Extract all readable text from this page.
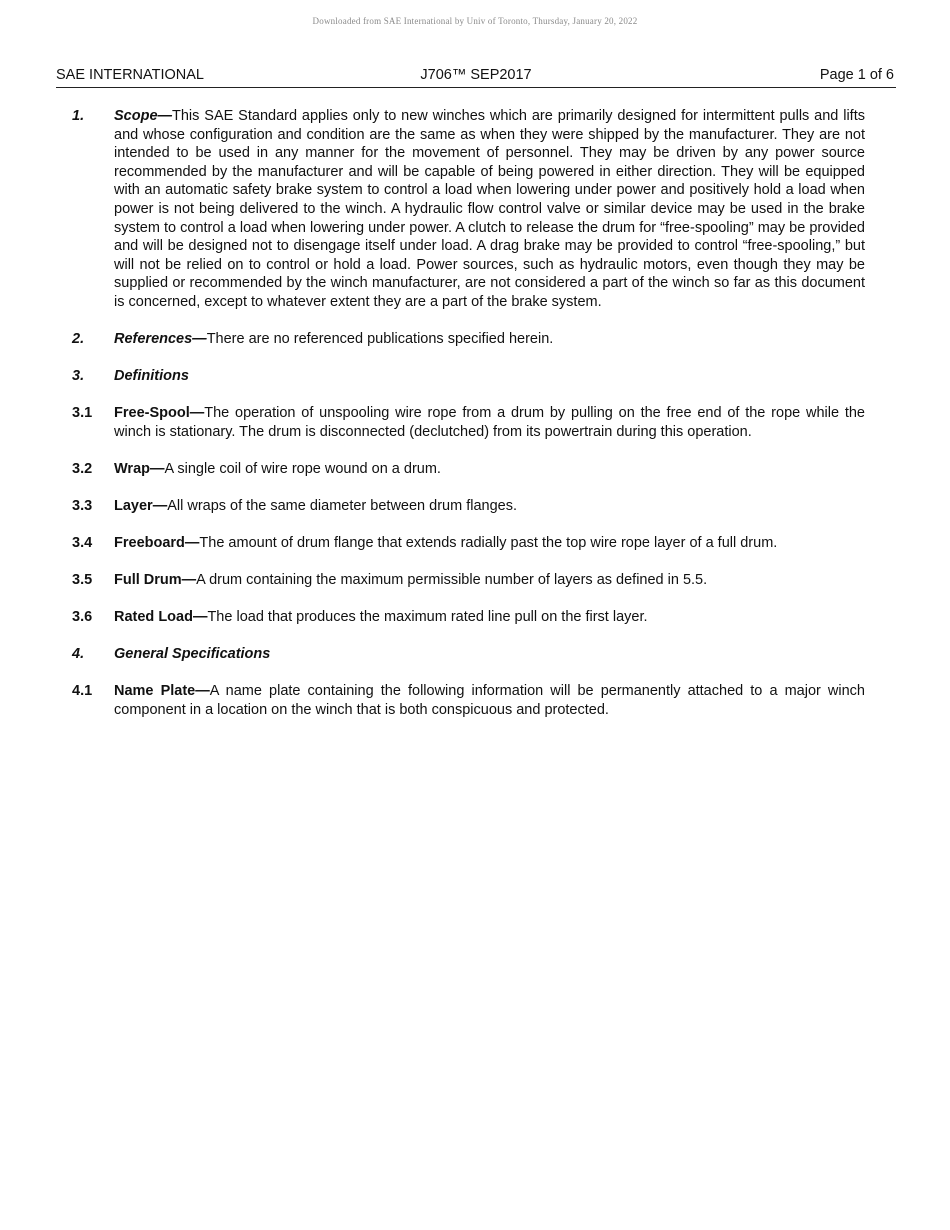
Downloaded from SAE International by Univ of Toronto, Thursday, January 20, 2022
SAE INTERNATIONAL	J706™ SEP2017	Page 1 of 6
1. Scope—This SAE Standard applies only to new winches which are primarily designed for intermittent pulls and lifts and whose configuration and condition are the same as when they were shipped by the manufacturer. They are not intended to be used in any manner for the movement of personnel. They may be driven by any power source recommended by the manufacturer and will be capable of being powered in either direction. They will be equipped with an automatic safety brake system to control a load when lowering under power and positively hold a load when power is not being delivered to the winch. A hydraulic flow control valve or similar device may be used in the brake system to control a load when lowering under power. A clutch to release the drum for “free-spooling” may be provided and will be designed not to disengage itself under load. A drag brake may be provided to control “free-spooling,” but will not be relied on to control or hold a load. Power sources, such as hydraulic motors, even though they may be supplied or recommended by the winch manufacturer, are not considered a part of the winch so far as this document is concerned, except to whatever extent they are a part of the brake system.
2. References—There are no referenced publications specified herein.
3. Definitions
3.1 Free-Spool—The operation of unspooling wire rope from a drum by pulling on the free end of the rope while the winch is stationary. The drum is disconnected (declutched) from its powertrain during this operation.
3.2 Wrap—A single coil of wire rope wound on a drum.
3.3 Layer—All wraps of the same diameter between drum flanges.
3.4 Freeboard—The amount of drum flange that extends radially past the top wire rope layer of a full drum.
3.5 Full Drum—A drum containing the maximum permissible number of layers as defined in 5.5.
3.6 Rated Load—The load that produces the maximum rated line pull on the first layer.
4. General Specifications
4.1 Name Plate—A name plate containing the following information will be permanently attached to a major winch component in a location on the winch that is both conspicuous and protected.
